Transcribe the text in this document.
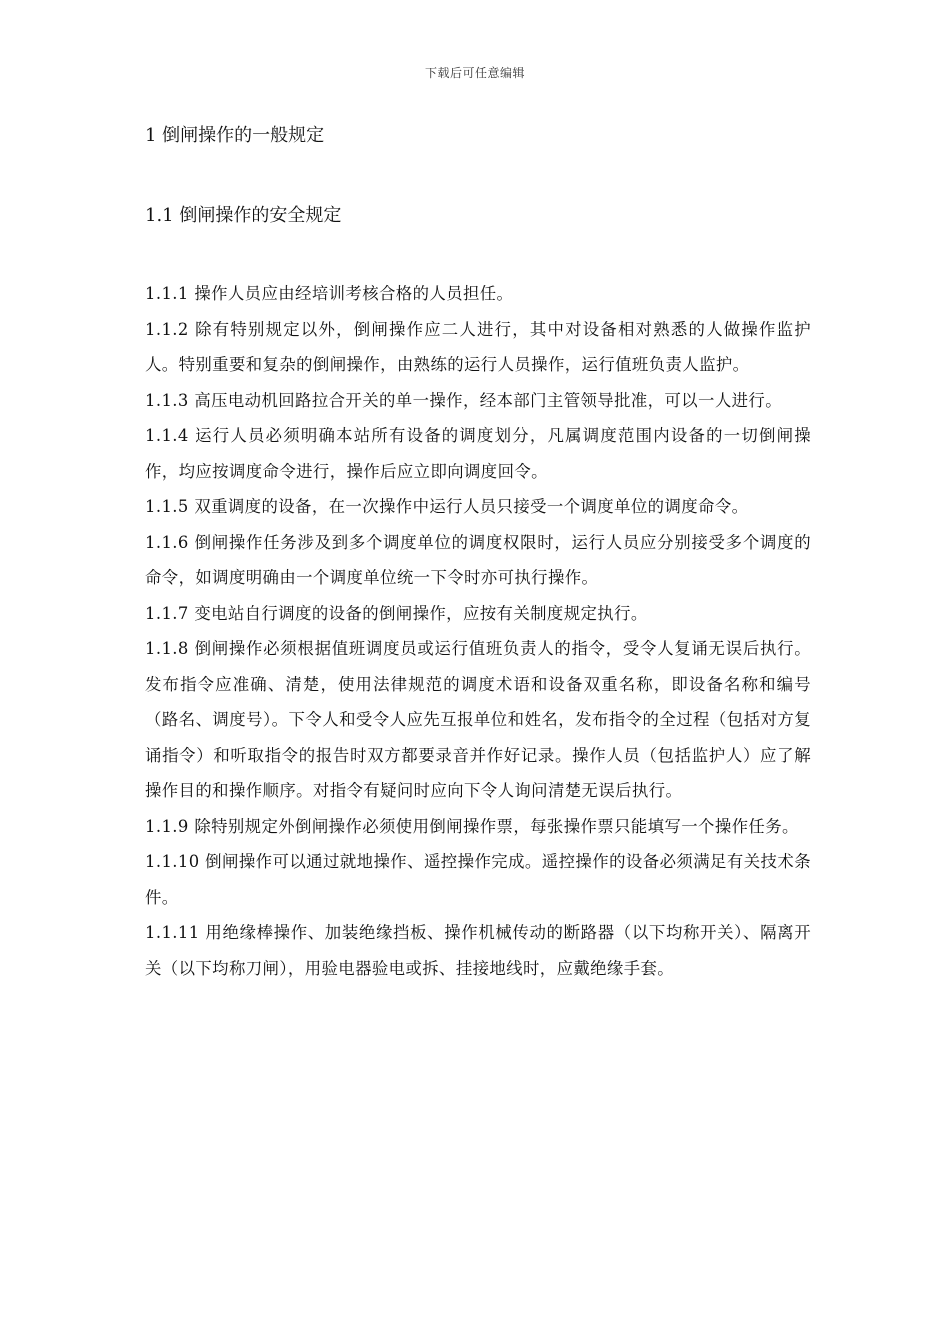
下载后可任意编辑
1 倒闸操作的一般规定
1.1 倒闸操作的安全规定

1.1.1 操作人员应由经培训考核合格的人员担任。

1.1.2 除有特别规定以外，倒闸操作应二人进行，其中对设备相对熟悉的人做操作监护人。特别重要和复杂的倒闸操作，由熟练的运行人员操作，运行值班负责人监护。

1.1.3 高压电动机回路拉合开关的单一操作，经本部门主管领导批准，可以一人进行。

1.1.4 运行人员必须明确本站所有设备的调度划分，凡属调度范围内设备的一切倒闸操作，均应按调度命令进行，操作后应立即向调度回令。

1.1.5 双重调度的设备，在一次操作中运行人员只接受一个调度单位的调度命令。

1.1.6 倒闸操作任务涉及到多个调度单位的调度权限时，运行人员应分别接受多个调度的命令，如调度明确由一个调度单位统一下令时亦可执行操作。

1.1.7 变电站自行调度的设备的倒闸操作，应按有关制度规定执行。

1.1.8 倒闸操作必须根据值班调度员或运行值班负责人的指令，受令人复诵无误后执行。发布指令应准确、清楚，使用法律规范的调度术语和设备双重名称，即设备名称和编号（路名、调度号）。下令人和受令人应先互报单位和姓名，发布指令的全过程（包括对方复诵指令）和听取指令的报告时双方都要录音并作好记录。操作人员（包括监护人）应了解操作目的和操作顺序。对指令有疑问时应向下令人询问清楚无误后执行。

1.1.9 除特别规定外倒闸操作必须使用倒闸操作票，每张操作票只能填写一个操作任务。

1.1.10 倒闸操作可以通过就地操作、遥控操作完成。遥控操作的设备必须满足有关技术条件。

1.1.11 用绝缘棒操作、加装绝缘挡板、操作机械传动的断路器（以下均称开关）、隔离开关（以下均称刀闸），用验电器验电或拆、挂接地线时，应戴绝缘手套。
